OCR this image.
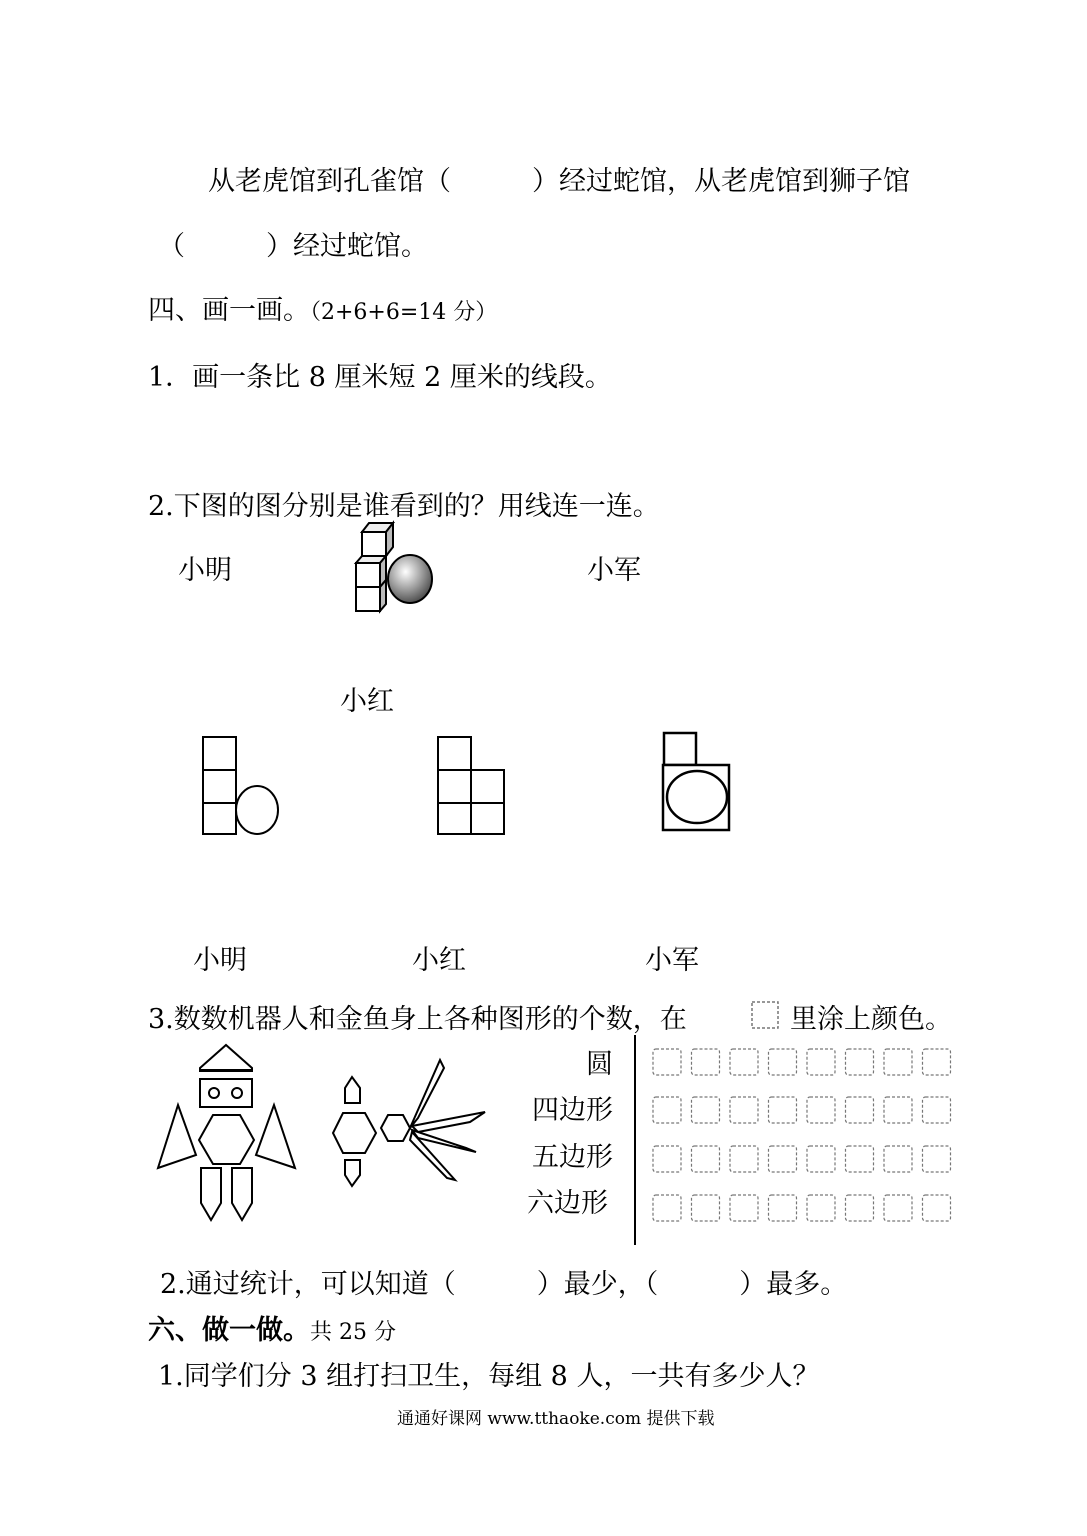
从老虎馆到孔雀馆（　　　）经过蛇馆，从老虎馆到狮子馆
（　　　）经过蛇馆。
四、画一画。（2+6+6=14 分）
1．画一条比 8 厘米短 2 厘米的线段。
2.下图的图分别是谁看到的？用线连一连。
小明	小军
小红
小明	小红	小军
3.数数机器人和金鱼身上各种图形的个数，在	里涂上颜色。
圆
四边形
五边形
六边形
2.通过统计，可以知道（　　　）最少，（　　　）最多。
六、做一做。共 25 分
1.同学们分 3 组打扫卫生，每组 8 人，一共有多少人？
通通好课网 www.tthaoke.com 提供下载
